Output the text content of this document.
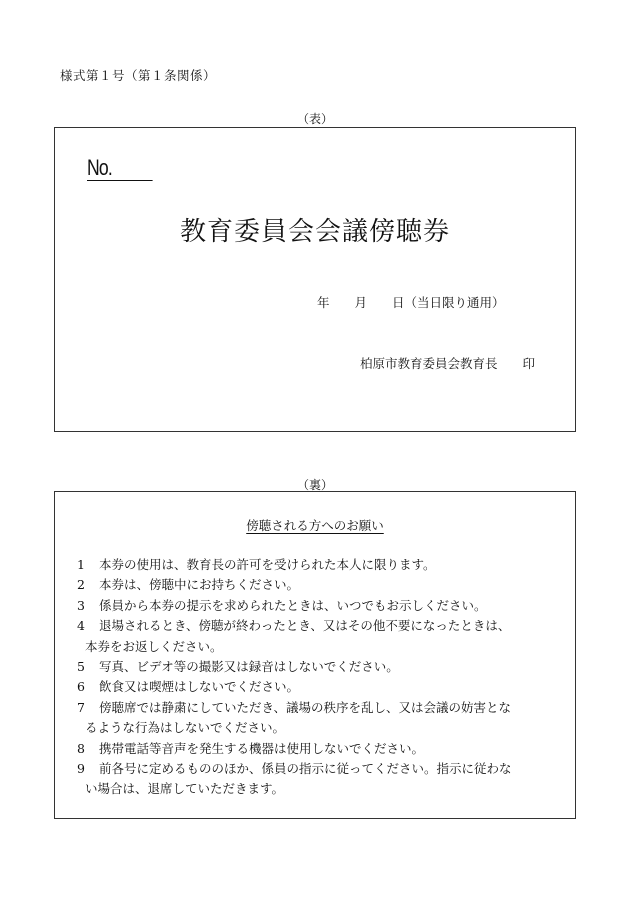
様式第１号（第１条関係）
（表）
No.
教育委員会会議傍聴券
年　　月　　日（当日限り通用）
柏原市教育委員会教育長　　印
（裏）
傍聴される方へのお願い
1 本券の使用は、教育長の許可を受けられた本人に限ります。
2 本券は、傍聴中にお持ちください。
3 係員から本券の提示を求められたときは、いつでもお示しください。
4 退場されるとき、傍聴が終わったとき、又はその他不要になったときは、
本券をお返しください。
5 写真、ビデオ等の撮影又は録音はしないでください。
6 飲食又は喫煙はしないでください。
7 傍聴席では静粛にしていただき、議場の秩序を乱し、又は会議の妨害とな
るような行為はしないでください。
8 携帯電話等音声を発生する機器は使用しないでください。
9 前各号に定めるもののほか、係員の指示に従ってください。指示に従わな
い場合は、退席していただきます。
